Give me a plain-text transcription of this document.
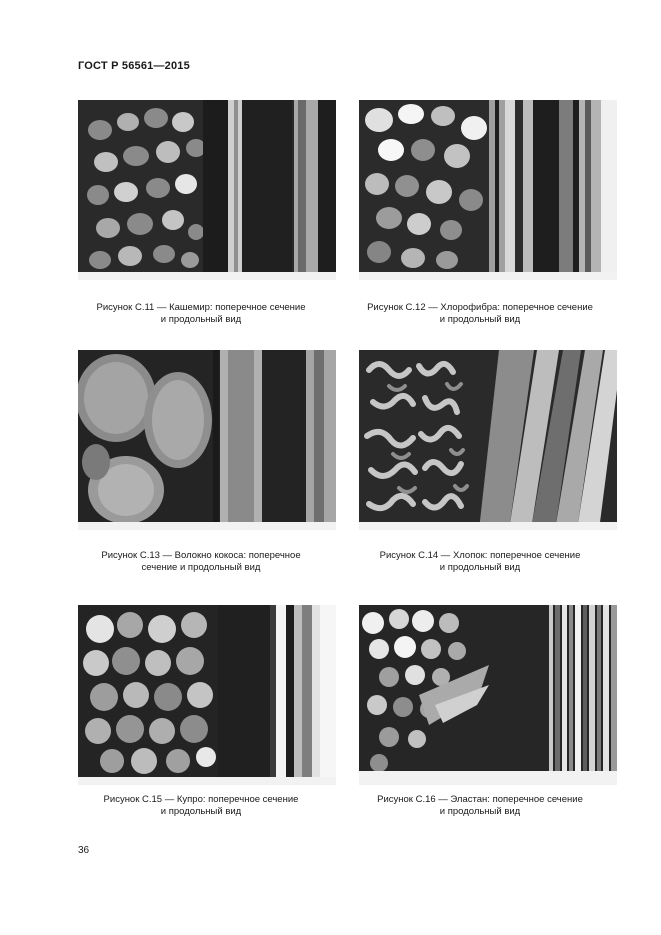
ГОСТ Р 56561—2015
Рисунок С.11 — Кашемир: поперечное сечение
и продольный вид
Рисунок С.12 — Хлорофибра: поперечное сечение
и продольный вид
Рисунок С.13 — Волокно кокоса: поперечное
сечение и продольный вид
Рисунок С.14 — Хлопок: поперечное сечение
и продольный вид
Рисунок С.15 — Купро: поперечное сечение
и продольный вид
Рисунок С.16 — Эластан: поперечное сечение
и продольный вид
36
